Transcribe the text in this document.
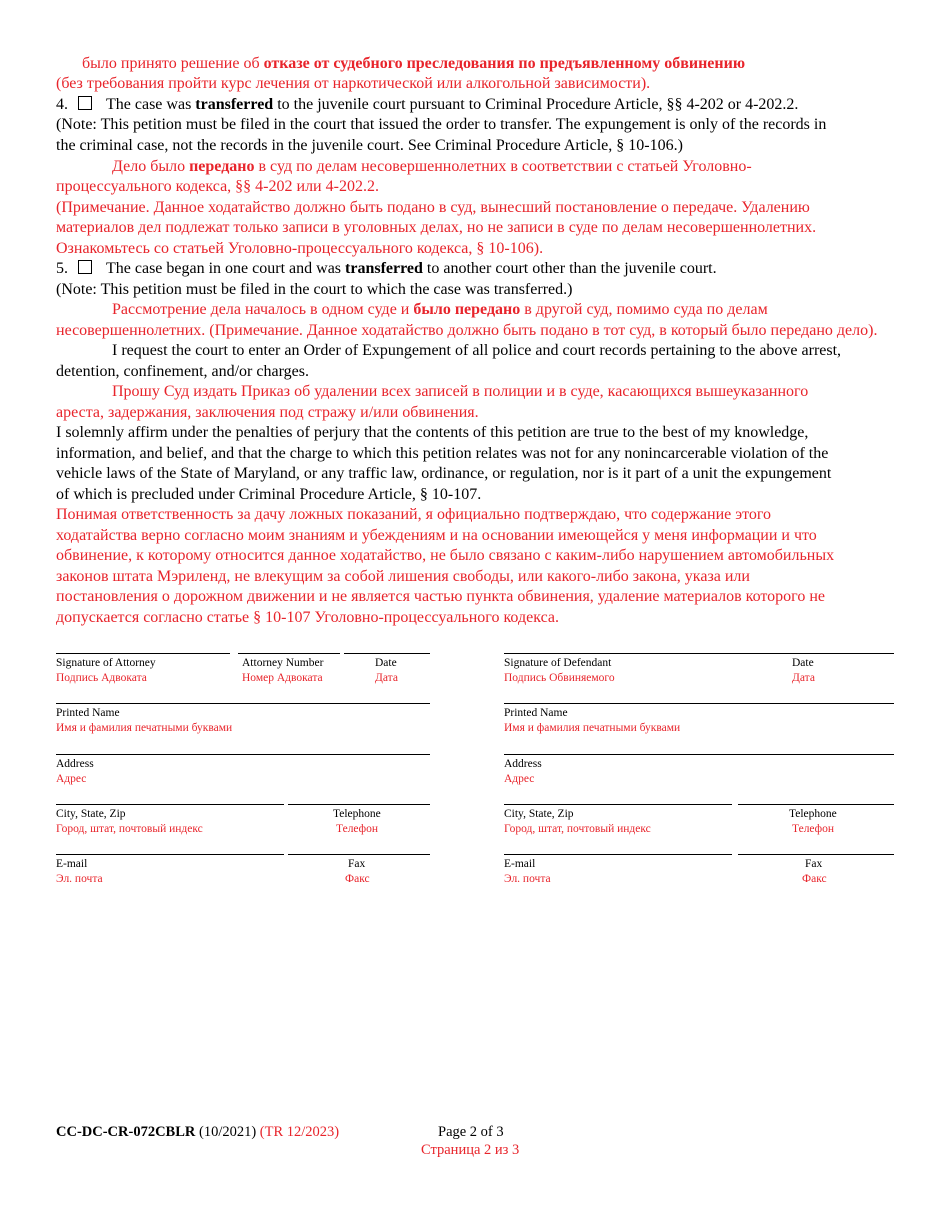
было принято решение об отказе от судебного преследования по предъявленному обвинению
(без требования пройти курс лечения от наркотической или алкогольной зависимости).
4. The case was transferred to the juvenile court pursuant to Criminal Procedure Article, §§ 4-202 or 4-202.2.
(Note: This petition must be filed in the court that issued the order to transfer. The expungement is only of the records in
the criminal case, not the records in the juvenile court. See Criminal Procedure Article, § 10-106.)
Дело было передано в суд по делам несовершеннолетних в соответствии с статьей Уголовно-
процессуального кодекса, §§ 4-202 или 4-202.2.
(Примечание. Данное ходатайство должно быть подано в суд, вынесший постановление о передаче. Удалению
материалов дел подлежат только записи в уголовных делах, но не записи в суде по делам несовершеннолетних.
Ознакомьтесь со статьей Уголовно-процессуального кодекса, § 10-106).
5. The case began in one court and was transferred to another court other than the juvenile court.
(Note: This petition must be filed in the court to which the case was transferred.)
Рассмотрение дела началось в одном суде и было передано в другой суд, помимо суда по делам
несовершеннолетних. (Примечание. Данное ходатайство должно быть подано в тот суд, в который было передано дело).
I request the court to enter an Order of Expungement of all police and court records pertaining to the above arrest,
detention, confinement, and/or charges.
Прошу Суд издать Приказ об удалении всех записей в полиции и в суде, касающихся вышеуказанного
ареста, задержания, заключения под стражу и/или обвинения.
I solemnly affirm under the penalties of perjury that the contents of this petition are true to the best of my knowledge,
information, and belief, and that the charge to which this petition relates was not for any nonincarcerable violation of the
vehicle laws of the State of Maryland, or any traffic law, ordinance, or regulation, nor is it part of a unit the expungement
of which is precluded under Criminal Procedure Article, § 10-107.
Понимая ответственность за дачу ложных показаний, я официально подтверждаю, что содержание этого
ходатайства верно согласно моим знаниям и убеждениям и на основании имеющейся у меня информации и что
обвинение, к которому относится данное ходатайство, не было связано с каким-либо нарушением автомобильных
законов штата Мэриленд, не влекущим за собой лишения свободы, или какого-либо закона, указа или
постановления о дорожном движении и не является частью пункта обвинения, удаление материалов которого не
допускается согласно статье § 10-107 Уголовно-процессуального кодекса.
Signature of Attorney
Подпись Адвоката
Attorney Number
Номер Адвоката
Date
Дата
Printed Name
Имя и фамилия печатными буквами
Address
Адрес
City, State, Zip
Город, штат, почтовый индекс
Telephone
Телефон
E-mail
Эл. почта
Fax
Факс
Signature of Defendant
Подпись Обвиняемого
Date
Дата
Printed Name
Имя и фамилия печатными буквами
Address
Адрес
City, State, Zip
Город, штат, почтовый индекс
Telephone
Телефон
E-mail
Эл. почта
Fax
Факс
CC-DC-CR-072CBLR (10/2021) (TR 12/2023)	Page 2 of 3
Страница 2 из 3
